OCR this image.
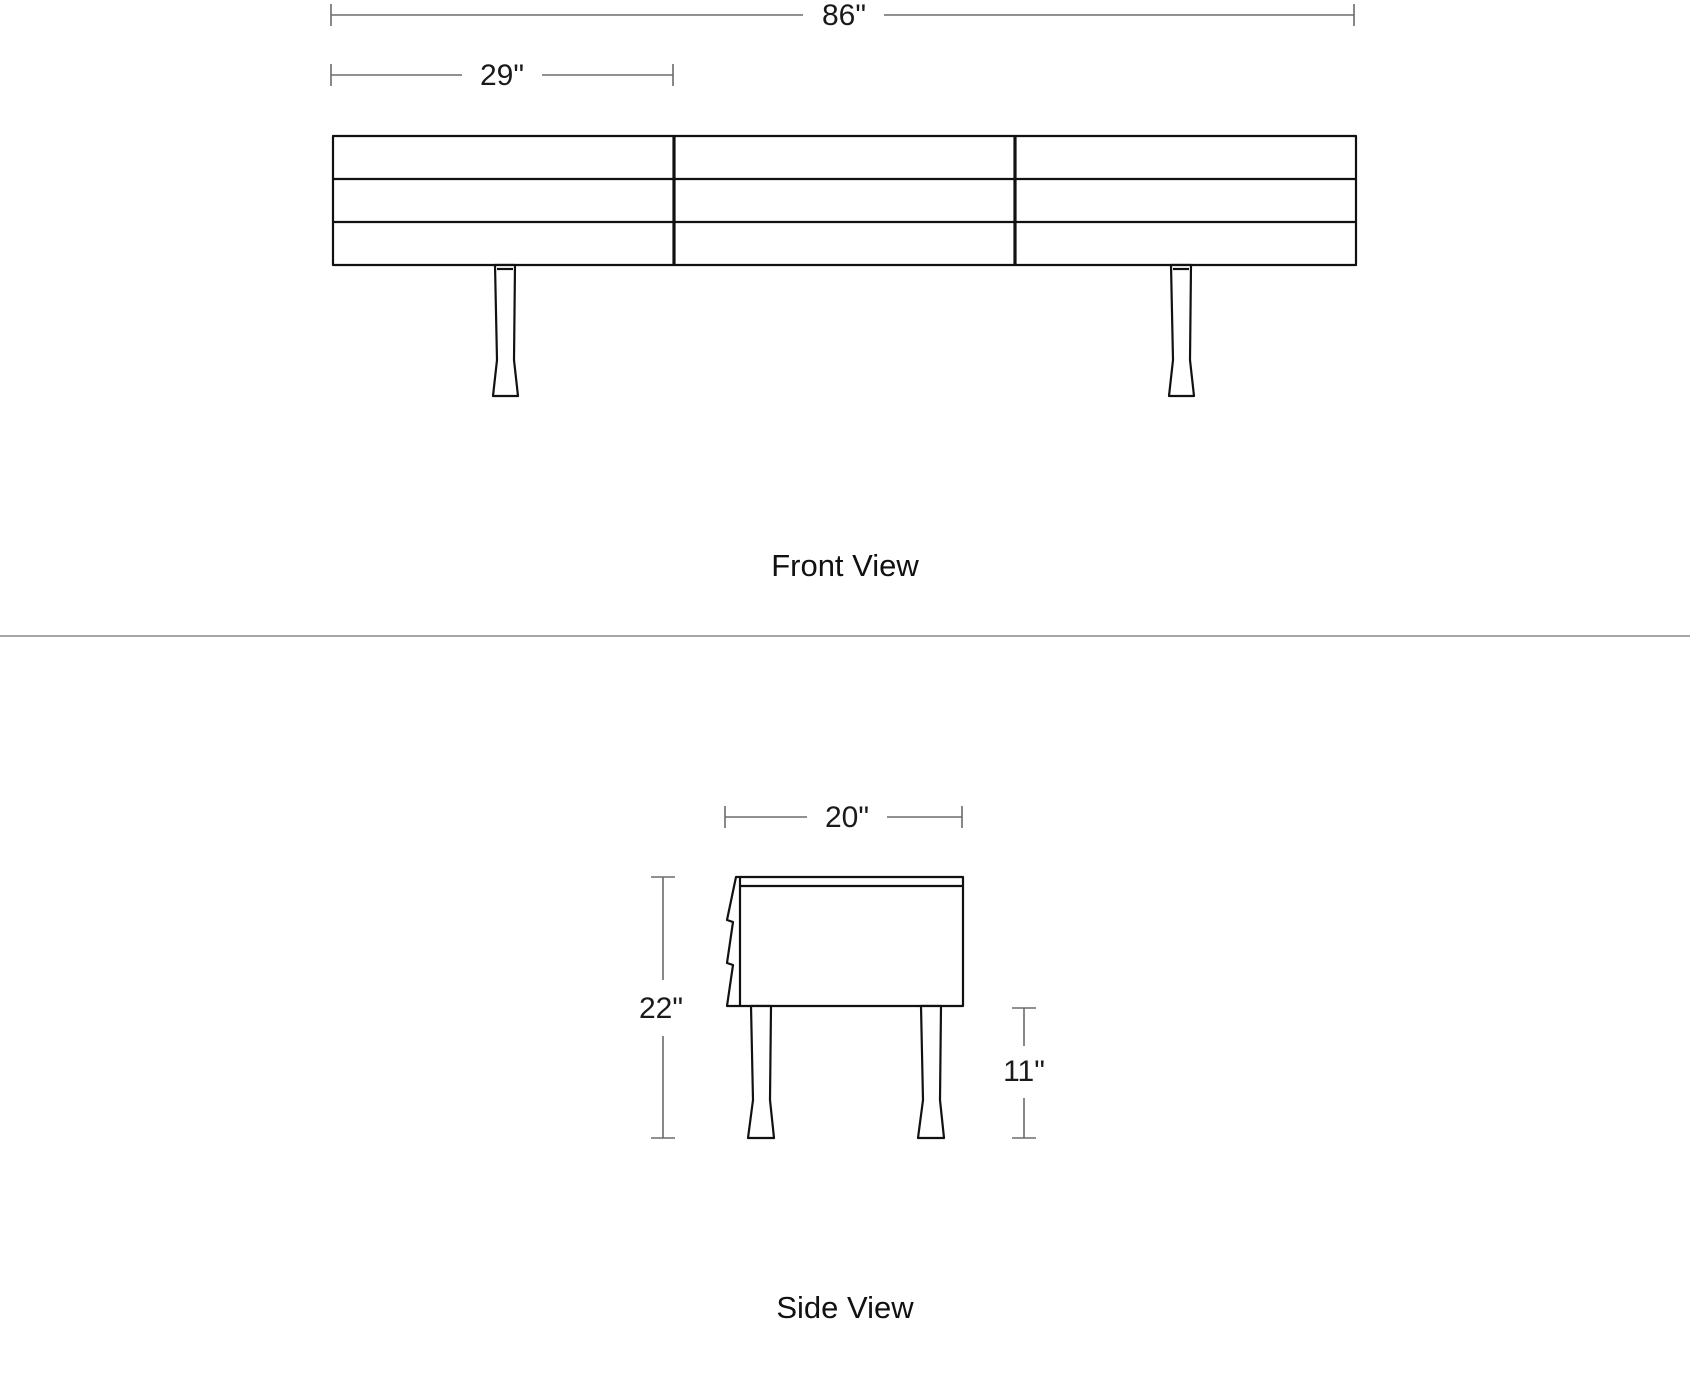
86"
29"
Front View
20"
22"
11"
Side View
